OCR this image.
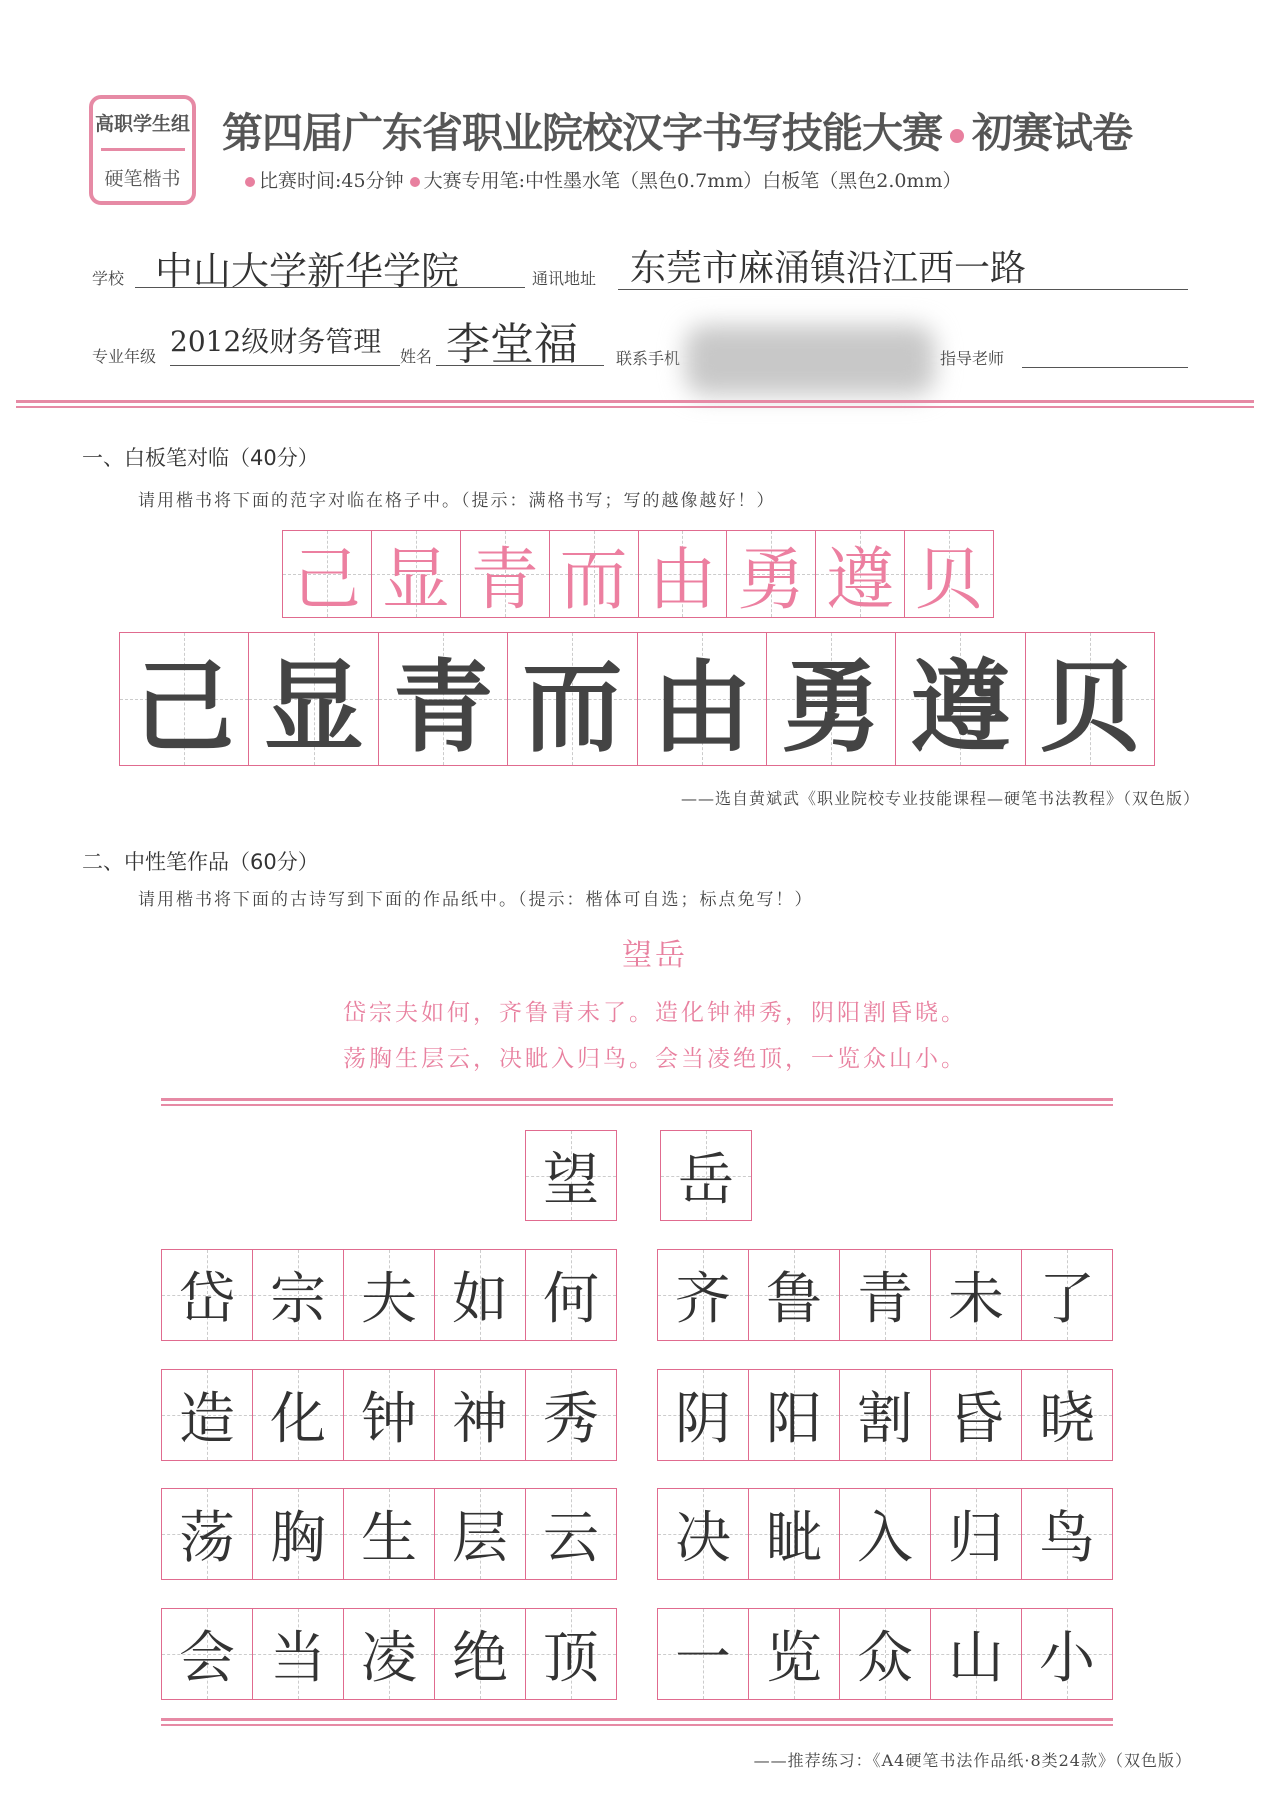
高职学生组
硬笔楷书
第四届广东省职业院校汉字书写技能大赛 初赛试卷
比赛时间:45分钟 大赛专用笔:中性墨水笔（黑色0.7mm）白板笔（黑色2.0mm）
学校 中山大学新华学院	通讯地址 东莞市麻涌镇沿江西一路
专业年级 2012级财务管理	姓名 李堂福	联系手机	指导老师
一、白板笔对临（40分）
请用楷书将下面的范字对临在格子中。（提示：满格书写；写的越像越好！）
己 显 青 而 由 勇 遵 贝
己 显 青 而 由 勇 遵 贝
——选自黄斌武《职业院校专业技能课程—硬笔书法教程》（双色版）
二、中性笔作品（60分）
请用楷书将下面的古诗写到下面的作品纸中。（提示：楷体可自选；标点免写！）
望岳
岱宗夫如何，齐鲁青未了。造化钟神秀，阴阳割昏晓。
荡胸生层云，决眦入归鸟。会当凌绝顶，一览众山小。
望 岳
岱 宗 夫 如 何 齐 鲁 青 未 了
造 化 钟 神 秀 阴 阳 割 昏 晓
荡 胸 生 层 云 决 眦 入 归 鸟
会 当 凌 绝 顶 一 览 众 山 小
——推荐练习：《A4硬笔书法作品纸·8类24款》（双色版）
